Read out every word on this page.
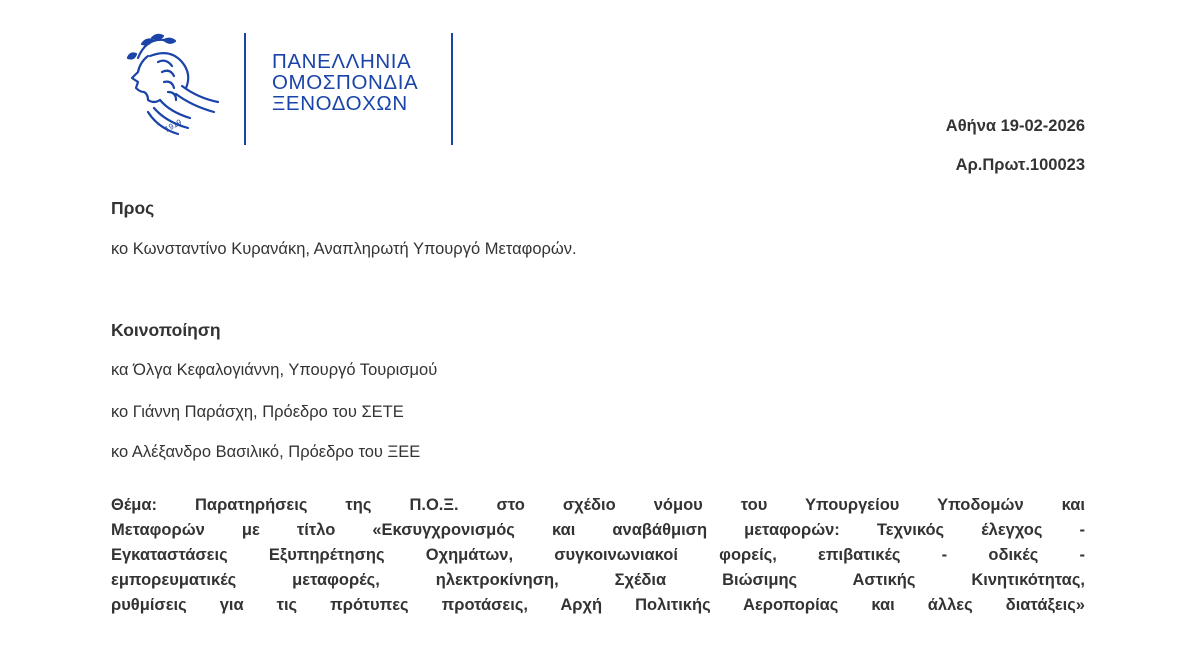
1919
ΠΑΝΕΛΛΗΝΙΑ
ΟΜΟΣΠΟΝΔΙΑ
ΞΕΝΟΔΟΧΩΝ
Αθήνα 19-02-2026
Αρ.Πρωτ.100023
Προς
κο Κωνσταντίνο Κυρανάκη, Αναπληρωτή Υπουργό Μεταφορών.
Κοινοποίηση
κα Όλγα Κεφαλογιάννη, Υπουργό Τουρισμού
κο Γιάννη Παράσχη, Πρόεδρο του ΣΕΤΕ
κο Αλέξανδρο Βασιλικό, Πρόεδρο του ΞΕΕ
Θέμα: Παρατηρήσεις της Π.Ο.Ξ. στο σχέδιο νόμου του Υπουργείου Υποδομών και
Μεταφορών με τίτλο «Εκσυγχρονισμός και αναβάθμιση μεταφορών: Τεχνικός έλεγχος -
Εγκαταστάσεις Εξυπηρέτησης Οχημάτων, συγκοινωνιακοί φορείς, επιβατικές - οδικές -
εμπορευματικές μεταφορές, ηλεκτροκίνηση, Σχέδια Βιώσιμης Αστικής Κινητικότητας,
ρυθμίσεις για τις πρότυπες προτάσεις, Αρχή Πολιτικής Αεροπορίας και άλλες διατάξεις»
